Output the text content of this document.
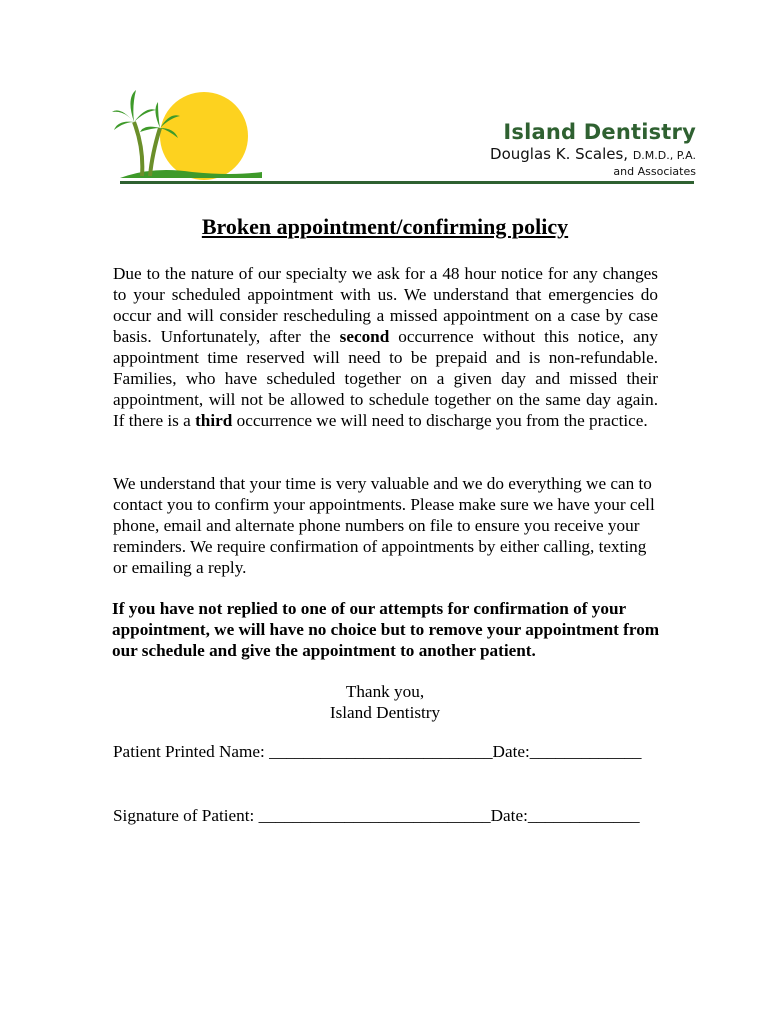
Island Dentistry
Douglas K. Scales, D.M.D., P.A.
and Associates
Broken appointment/confirming policy
Due to the nature of our specialty we ask for a 48 hour notice for any changes to your scheduled appointment with us. We understand that emergencies do occur and will consider rescheduling a missed appointment on a case by case basis. Unfortunately, after the second occurrence without this notice, any appointment time reserved will need to be prepaid and is non-refundable. Families, who have scheduled together on a given day and missed their appointment, will not be allowed to schedule together on the same day again. If there is a third occurrence we will need to discharge you from the practice.
We understand that your time is very valuable and we do everything we can to contact you to confirm your appointments. Please make sure we have your cell phone, email and alternate phone numbers on file to ensure you receive your reminders. We require confirmation of appointments by either calling, texting or emailing a reply.
If you have not replied to one of our attempts for confirmation of your appointment, we will have no choice but to remove your appointment from our schedule and give the appointment to another patient.
Thank you,
Island Dentistry
Patient Printed Name: __________________________Date:_____________
Signature of Patient: ___________________________Date:_____________
